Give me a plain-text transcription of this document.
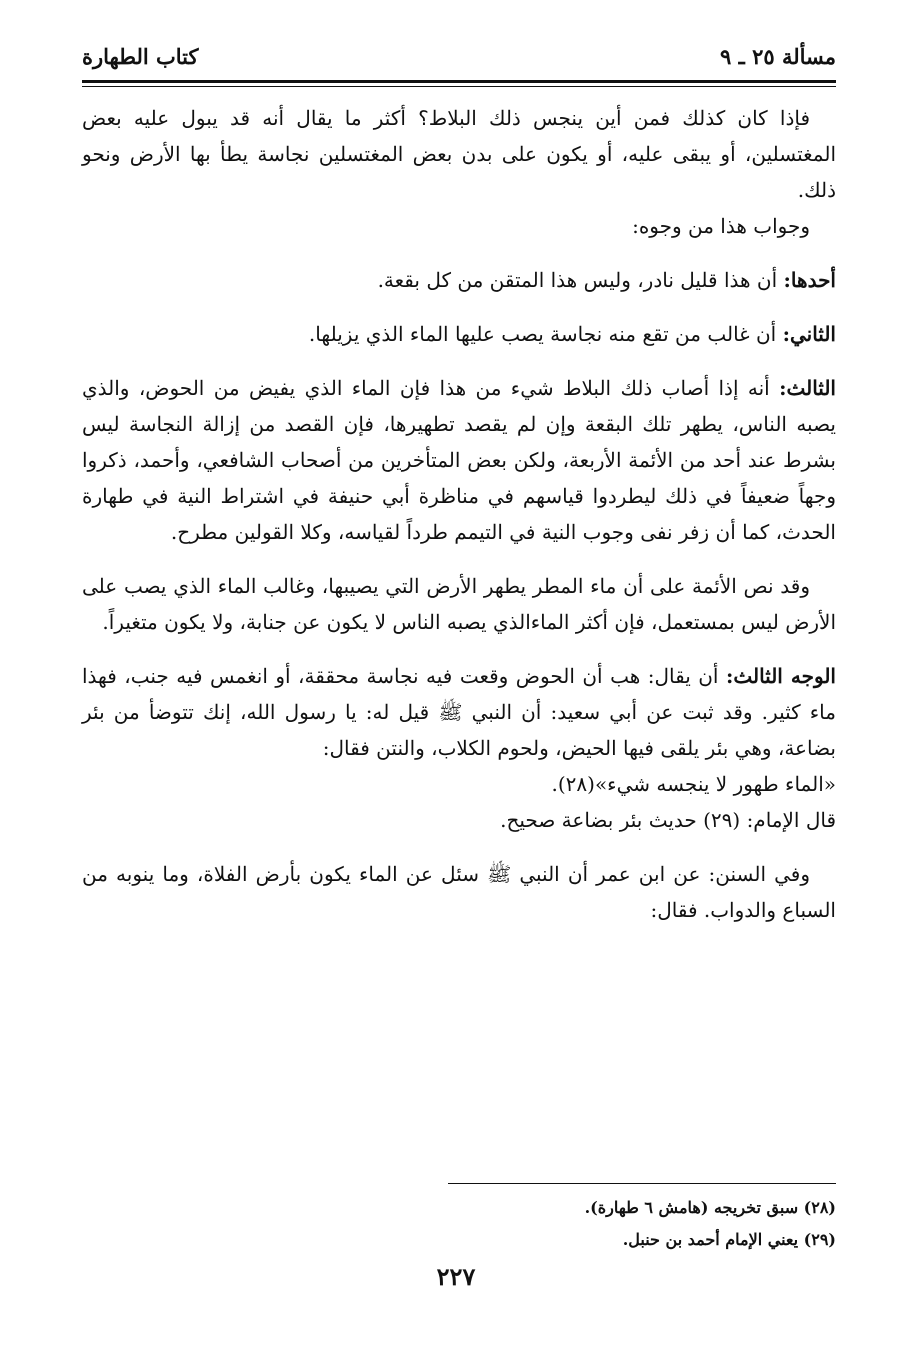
مسألة ٢٥ ـ ٩
كتاب الطهارة

فإذا كان كذلك فمن أين ينجس ذلك البلاط؟ أكثر ما يقال أنه قد يبول عليه بعض المغتسلين، أو يبقى عليه، أو يكون على بدن بعض المغتسلين نجاسة يطأ بها الأرض ونحو ذلك.

وجواب هذا من وجوه:

أحدها: أن هذا قليل نادر، وليس هذا المتقن من كل بقعة.

الثاني: أن غالب من تقع منه نجاسة يصب عليها الماء الذي يزيلها.

الثالث: أنه إذا أصاب ذلك البلاط شيء من هذا فإن الماء الذي يفيض من الحوض، والذي يصبه الناس، يطهر تلك البقعة وإن لم يقصد تطهيرها، فإن القصد من إزالة النجاسة ليس بشرط عند أحد من الأئمة الأربعة، ولكن بعض المتأخرين من أصحاب الشافعي، وأحمد، ذكروا وجهاً ضعيفاً في ذلك ليطردوا قياسهم في مناظرة أبي حنيفة في اشتراط النية في طهارة الحدث، كما أن زفر نفى وجوب النية في التيمم طرداً لقياسه، وكلا القولين مطرح.

وقد نص الأئمة على أن ماء المطر يطهر الأرض التي يصيبها، وغالب الماء الذي يصب على الأرض ليس بمستعمل، فإن أكثر الماءالذي يصبه الناس لا يكون عن جنابة، ولا يكون متغيراً.

الوجه الثالث: أن يقال: هب أن الحوض وقعت فيه نجاسة محققة، أو انغمس فيه جنب، فهذا ماء كثير. وقد ثبت عن أبي سعيد: أن النبي ﷺ قيل له: يا رسول الله، إنك تتوضأ من بئر بضاعة، وهي بئر يلقى فيها الحيض، ولحوم الكلاب، والنتن فقال:

«الماء طهور لا ينجسه شيء»(٢٨).

قال الإمام: (٢٩) حديث بئر بضاعة صحيح.

وفي السنن: عن ابن عمر أن النبي ﷺ سئل عن الماء يكون بأرض الفلاة، وما ينوبه من السباع والدواب. فقال:

(٢٨) سبق تخريجه (هامش ٦ طهارة).

(٢٩) يعني الإمام أحمد بن حنبل.

٢٢٧
